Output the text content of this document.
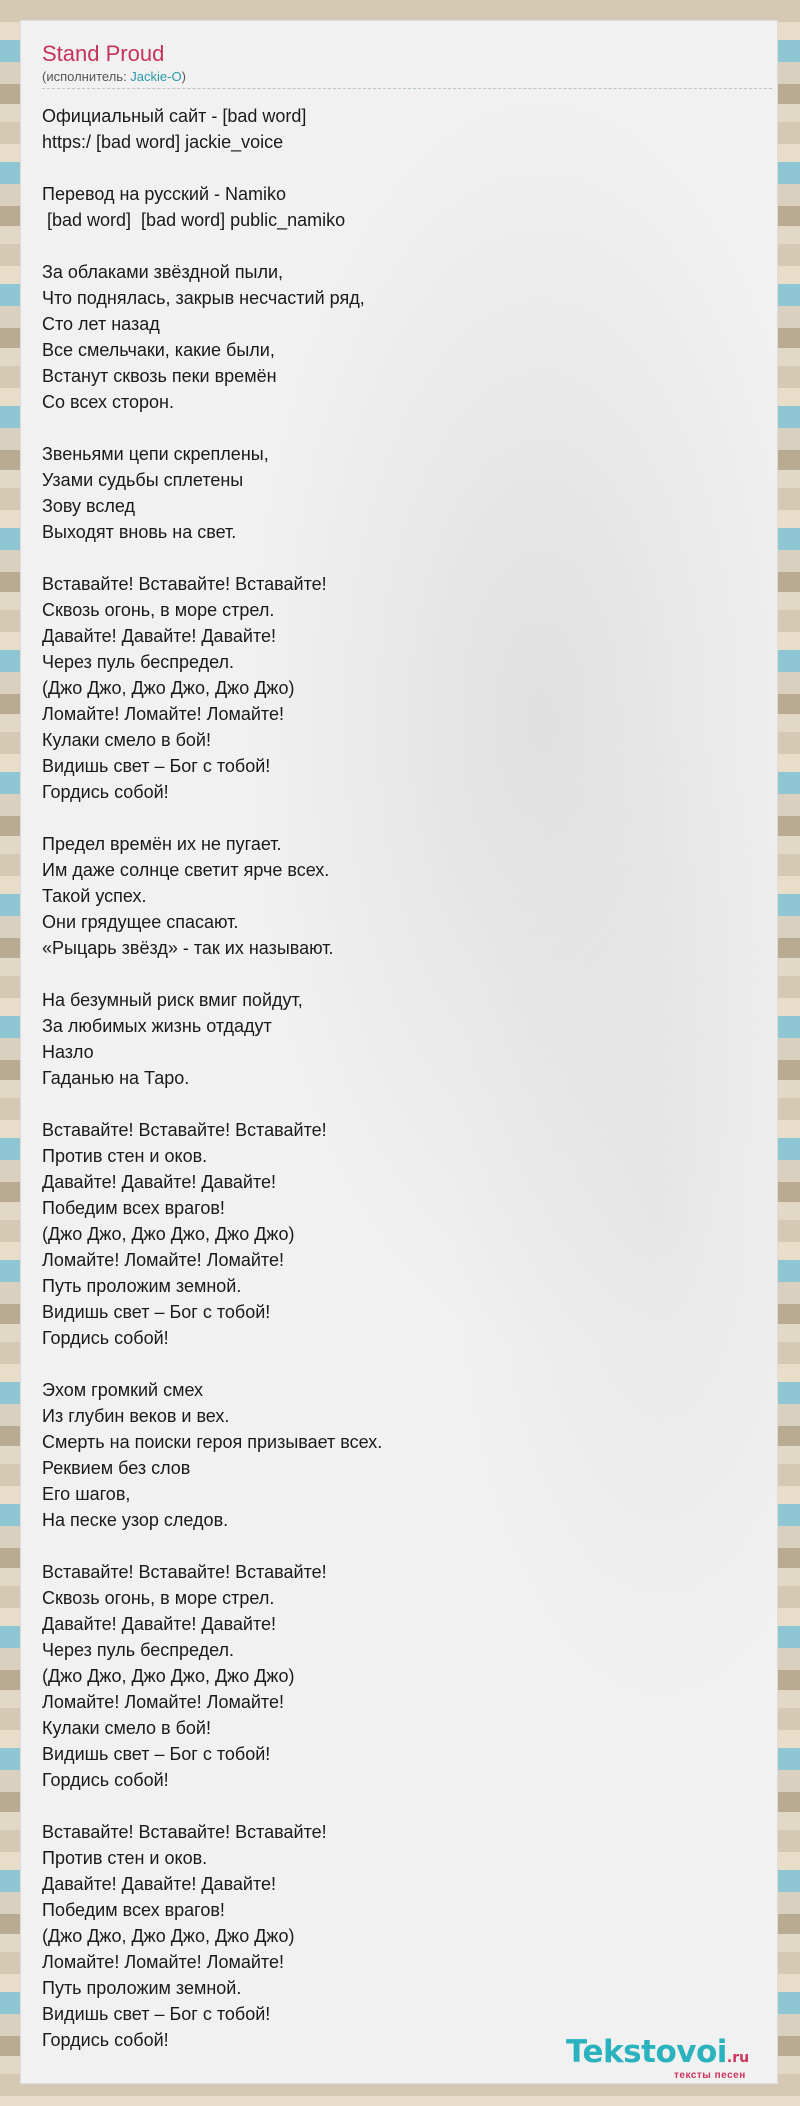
Stand Proud
(исполнитель: Jackie-O)
Официальный сайт - [bad word]
https:/ [bad word] jackie_voice
Перевод на русский - Namiko
[bad word]  [bad word] public_namiko
За облаками звёздной пыли,
Что поднялась, закрыв несчастий ряд,
Сто лет назад
Все смельчаки, какие были,
Встанут сквозь пеки времён
Со всех сторон.
Звеньями цепи скреплены,
Узами судьбы сплетены
Зову вслед
Выходят вновь на свет.
Вставайте! Вставайте! Вставайте!
Сквозь огонь, в море стрел.
Давайте! Давайте! Давайте!
Через пуль беспредел.
(Джо Джо, Джо Джо, Джо Джо)
Ломайте! Ломайте! Ломайте!
Кулаки смело в бой!
Видишь свет – Бог с тобой!
Гордись собой!
Предел времён их не пугает.
Им даже солнце светит ярче всех.
Такой успех.
Они грядущее спасают.
«Рыцарь звёзд» - так их называют.
На безумный риск вмиг пойдут,
За любимых жизнь отдадут
Назло
Гаданью на Таро.
Вставайте! Вставайте! Вставайте!
Против стен и оков.
Давайте! Давайте! Давайте!
Победим всех врагов!
(Джо Джо, Джо Джо, Джо Джо)
Ломайте! Ломайте! Ломайте!
Путь проложим земной.
Видишь свет – Бог с тобой!
Гордись собой!
Эхом громкий смех
Из глубин веков и вех.
Смерть на поиски героя призывает всех.
Реквием без слов
Его шагов,
На песке узор следов.
Вставайте! Вставайте! Вставайте!
Сквозь огонь, в море стрел.
Давайте! Давайте! Давайте!
Через пуль беспредел.
(Джо Джо, Джо Джо, Джо Джо)
Ломайте! Ломайте! Ломайте!
Кулаки смело в бой!
Видишь свет – Бог с тобой!
Гордись собой!
Вставайте! Вставайте! Вставайте!
Против стен и оков.
Давайте! Давайте! Давайте!
Победим всех врагов!
(Джо Джо, Джо Джо, Джо Джо)
Ломайте! Ломайте! Ломайте!
Путь проложим земной.
Видишь свет – Бог с тобой!
Гордись собой!	Tekstovoi.ru
тексты песен
